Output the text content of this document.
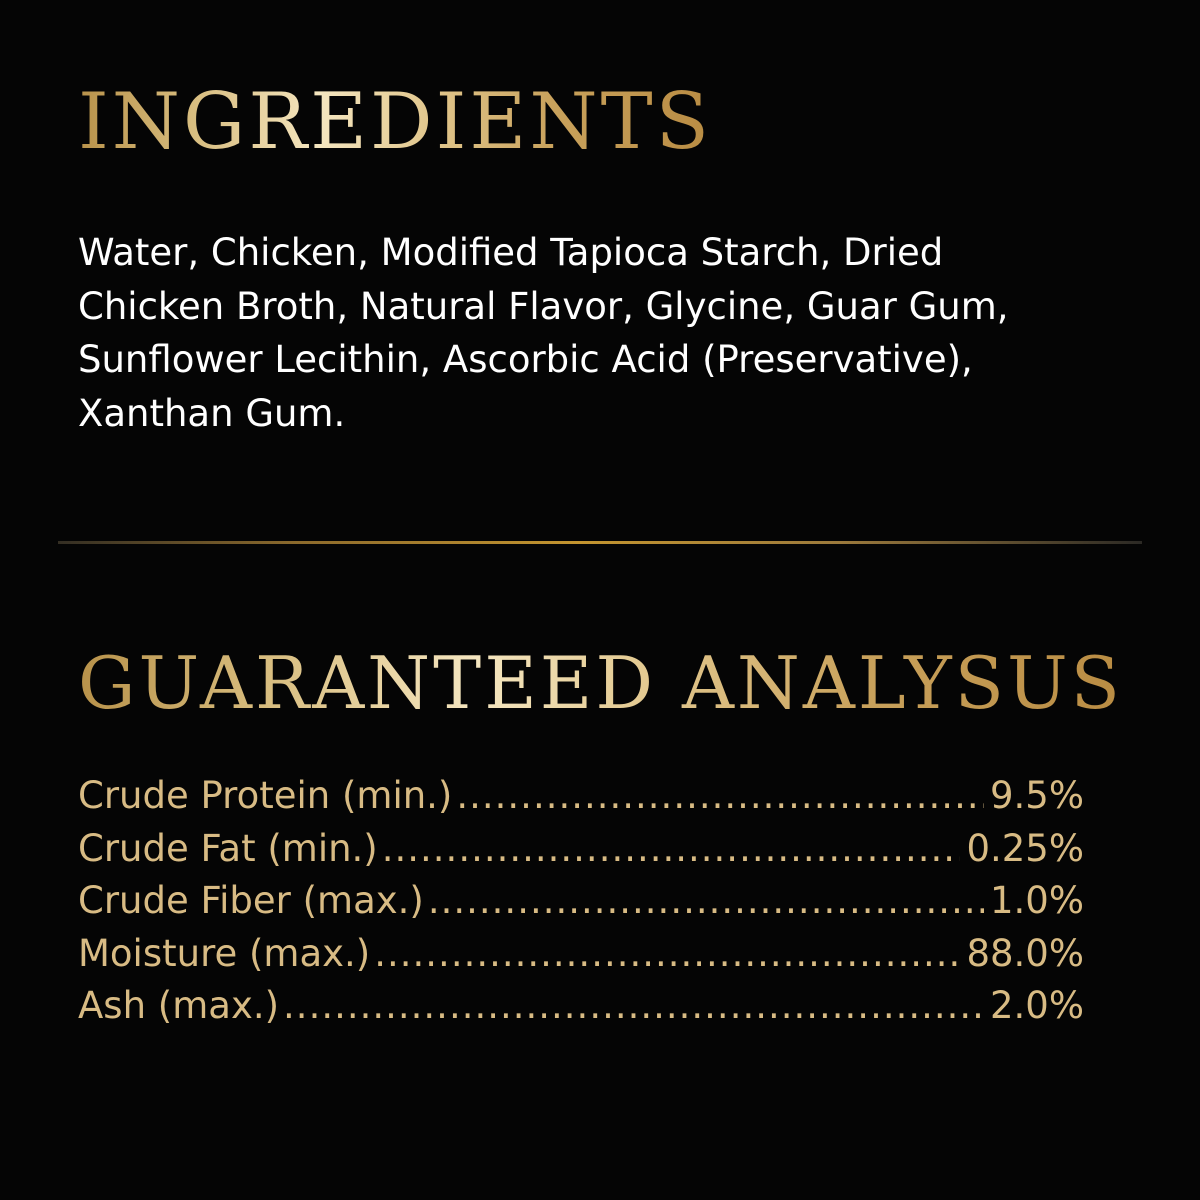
INGREDIENTS

Water, Chicken, Modified Tapioca Starch, Dried Chicken Broth, Natural Flavor, Glycine, Guar Gum, Sunflower Lecithin, Ascorbic Acid (Preservative), Xanthan Gum.

GUARANTEED ANALYSUS
Crude Protein (min.) .....	9.5%
Crude Fat (min.) .....	0.25%
Crude Fiber (max.) .....	1.0%
Moisture (max.) .....	88.0%
Ash (max.) .....	2.0%
